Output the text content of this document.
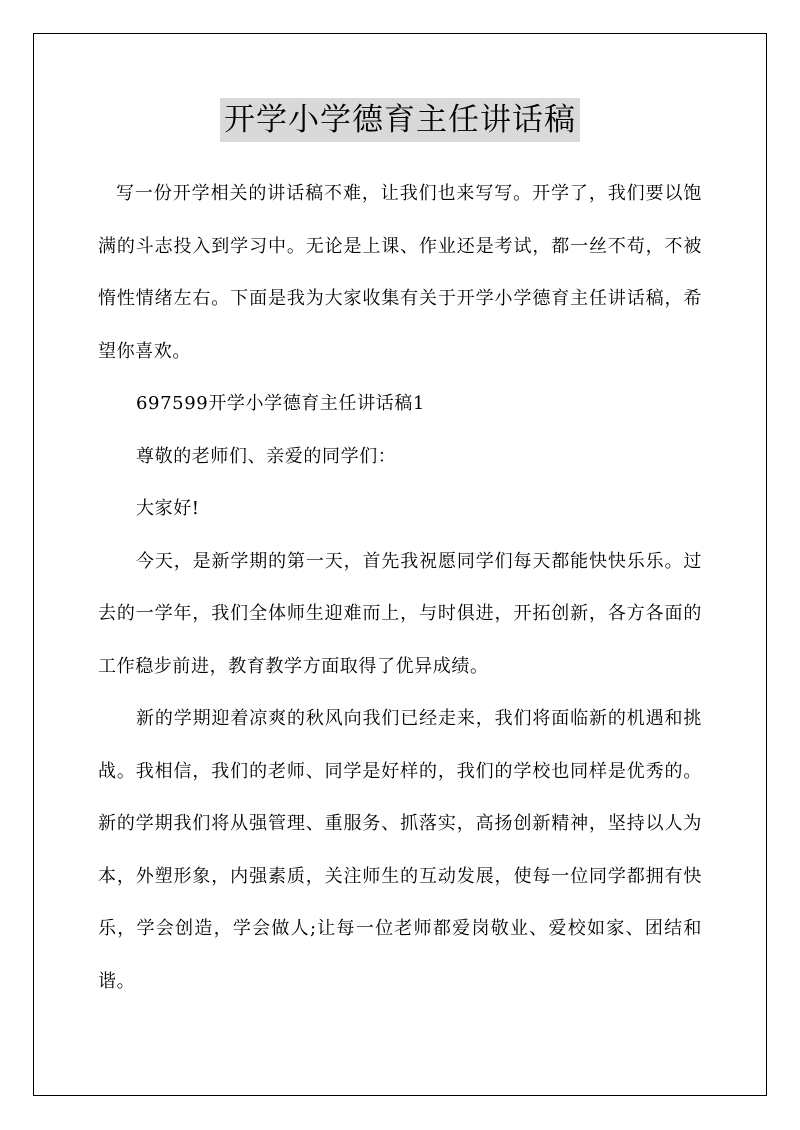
开学小学德育主任讲话稿

写一份开学相关的讲话稿不难，让我们也来写写。开学了，我们要以饱满的斗志投入到学习中。无论是上课、作业还是考试，都一丝不苟，不被惰性情绪左右。下面是我为大家收集有关于开学小学德育主任讲话稿，希望你喜欢。

697599开学小学德育主任讲话稿1

尊敬的老师们、亲爱的同学们：

大家好!

今天，是新学期的第一天，首先我祝愿同学们每天都能快快乐乐。过去的一学年，我们全体师生迎难而上，与时俱进，开拓创新，各方各面的工作稳步前进，教育教学方面取得了优异成绩。

新的学期迎着凉爽的秋风向我们已经走来，我们将面临新的机遇和挑战。我相信，我们的老师、同学是好样的，我们的学校也同样是优秀的。新的学期我们将从强管理、重服务、抓落实，高扬创新精神，坚持以人为本，外塑形象，内强素质，关注师生的互动发展，使每一位同学都拥有快乐，学会创造，学会做人;让每一位老师都爱岗敬业、爱校如家、团结和谐。
